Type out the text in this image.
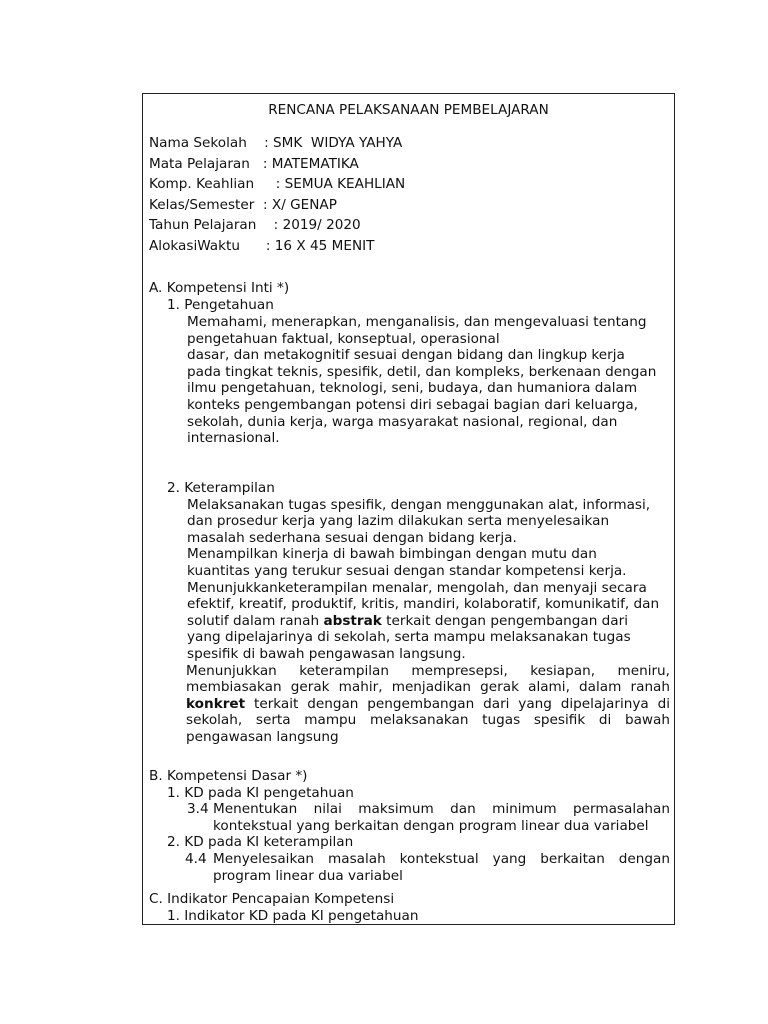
RENCANA PELAKSANAAN PEMBELAJARAN
Nama Sekolah    : SMK  WIDYA YAHYA
Mata Pelajaran   : MATEMATIKA
Komp. Keahlian     : SEMUA KEAHLIAN
Kelas/Semester  : X/ GENAP
Tahun Pelajaran    : 2019/ 2020
AlokasiWaktu      : 16 X 45 MENIT
A. Kompetensi Inti *)
1. Pengetahuan
Memahami, menerapkan, menganalisis, dan mengevaluasi tentang
pengetahuan faktual, konseptual, operasional
dasar, dan metakognitif sesuai dengan bidang dan lingkup kerja
pada tingkat teknis, spesifik, detil, dan kompleks, berkenaan dengan
ilmu pengetahuan, teknologi, seni, budaya, dan humaniora dalam
konteks pengembangan potensi diri sebagai bagian dari keluarga,
sekolah, dunia kerja, warga masyarakat nasional, regional, dan
internasional.
2. Keterampilan
Melaksanakan tugas spesifik, dengan menggunakan alat, informasi,
dan prosedur kerja yang lazim dilakukan serta menyelesaikan
masalah sederhana sesuai dengan bidang kerja.
Menampilkan kinerja di bawah bimbingan dengan mutu dan
kuantitas yang terukur sesuai dengan standar kompetensi kerja.
Menunjukkanketerampilan menalar, mengolah, dan menyaji secara
efektif, kreatif, produktif, kritis, mandiri, kolaboratif, komunikatif, dan
solutif dalam ranah abstrak terkait dengan pengembangan dari
yang dipelajarinya di sekolah, serta mampu melaksanakan tugas
spesifik di bawah pengawasan langsung.
Menunjukkan keterampilan mempresepsi, kesiapan, meniru, membiasakan gerak mahir, menjadikan gerak alami, dalam ranah konkret terkait dengan pengembangan dari yang dipelajarinya di sekolah, serta mampu melaksanakan tugas spesifik di bawah pengawasan langsung
B. Kompetensi Dasar *)
1. KD pada KI pengetahuan
3.4 Menentukan nilai maksimum dan minimum permasalahan kontekstual yang berkaitan dengan program linear dua variabel
2. KD pada KI keterampilan
4.4 Menyelesaikan masalah kontekstual yang berkaitan dengan program linear dua variabel
C. Indikator Pencapaian Kompetensi
1. Indikator KD pada KI pengetahuan
